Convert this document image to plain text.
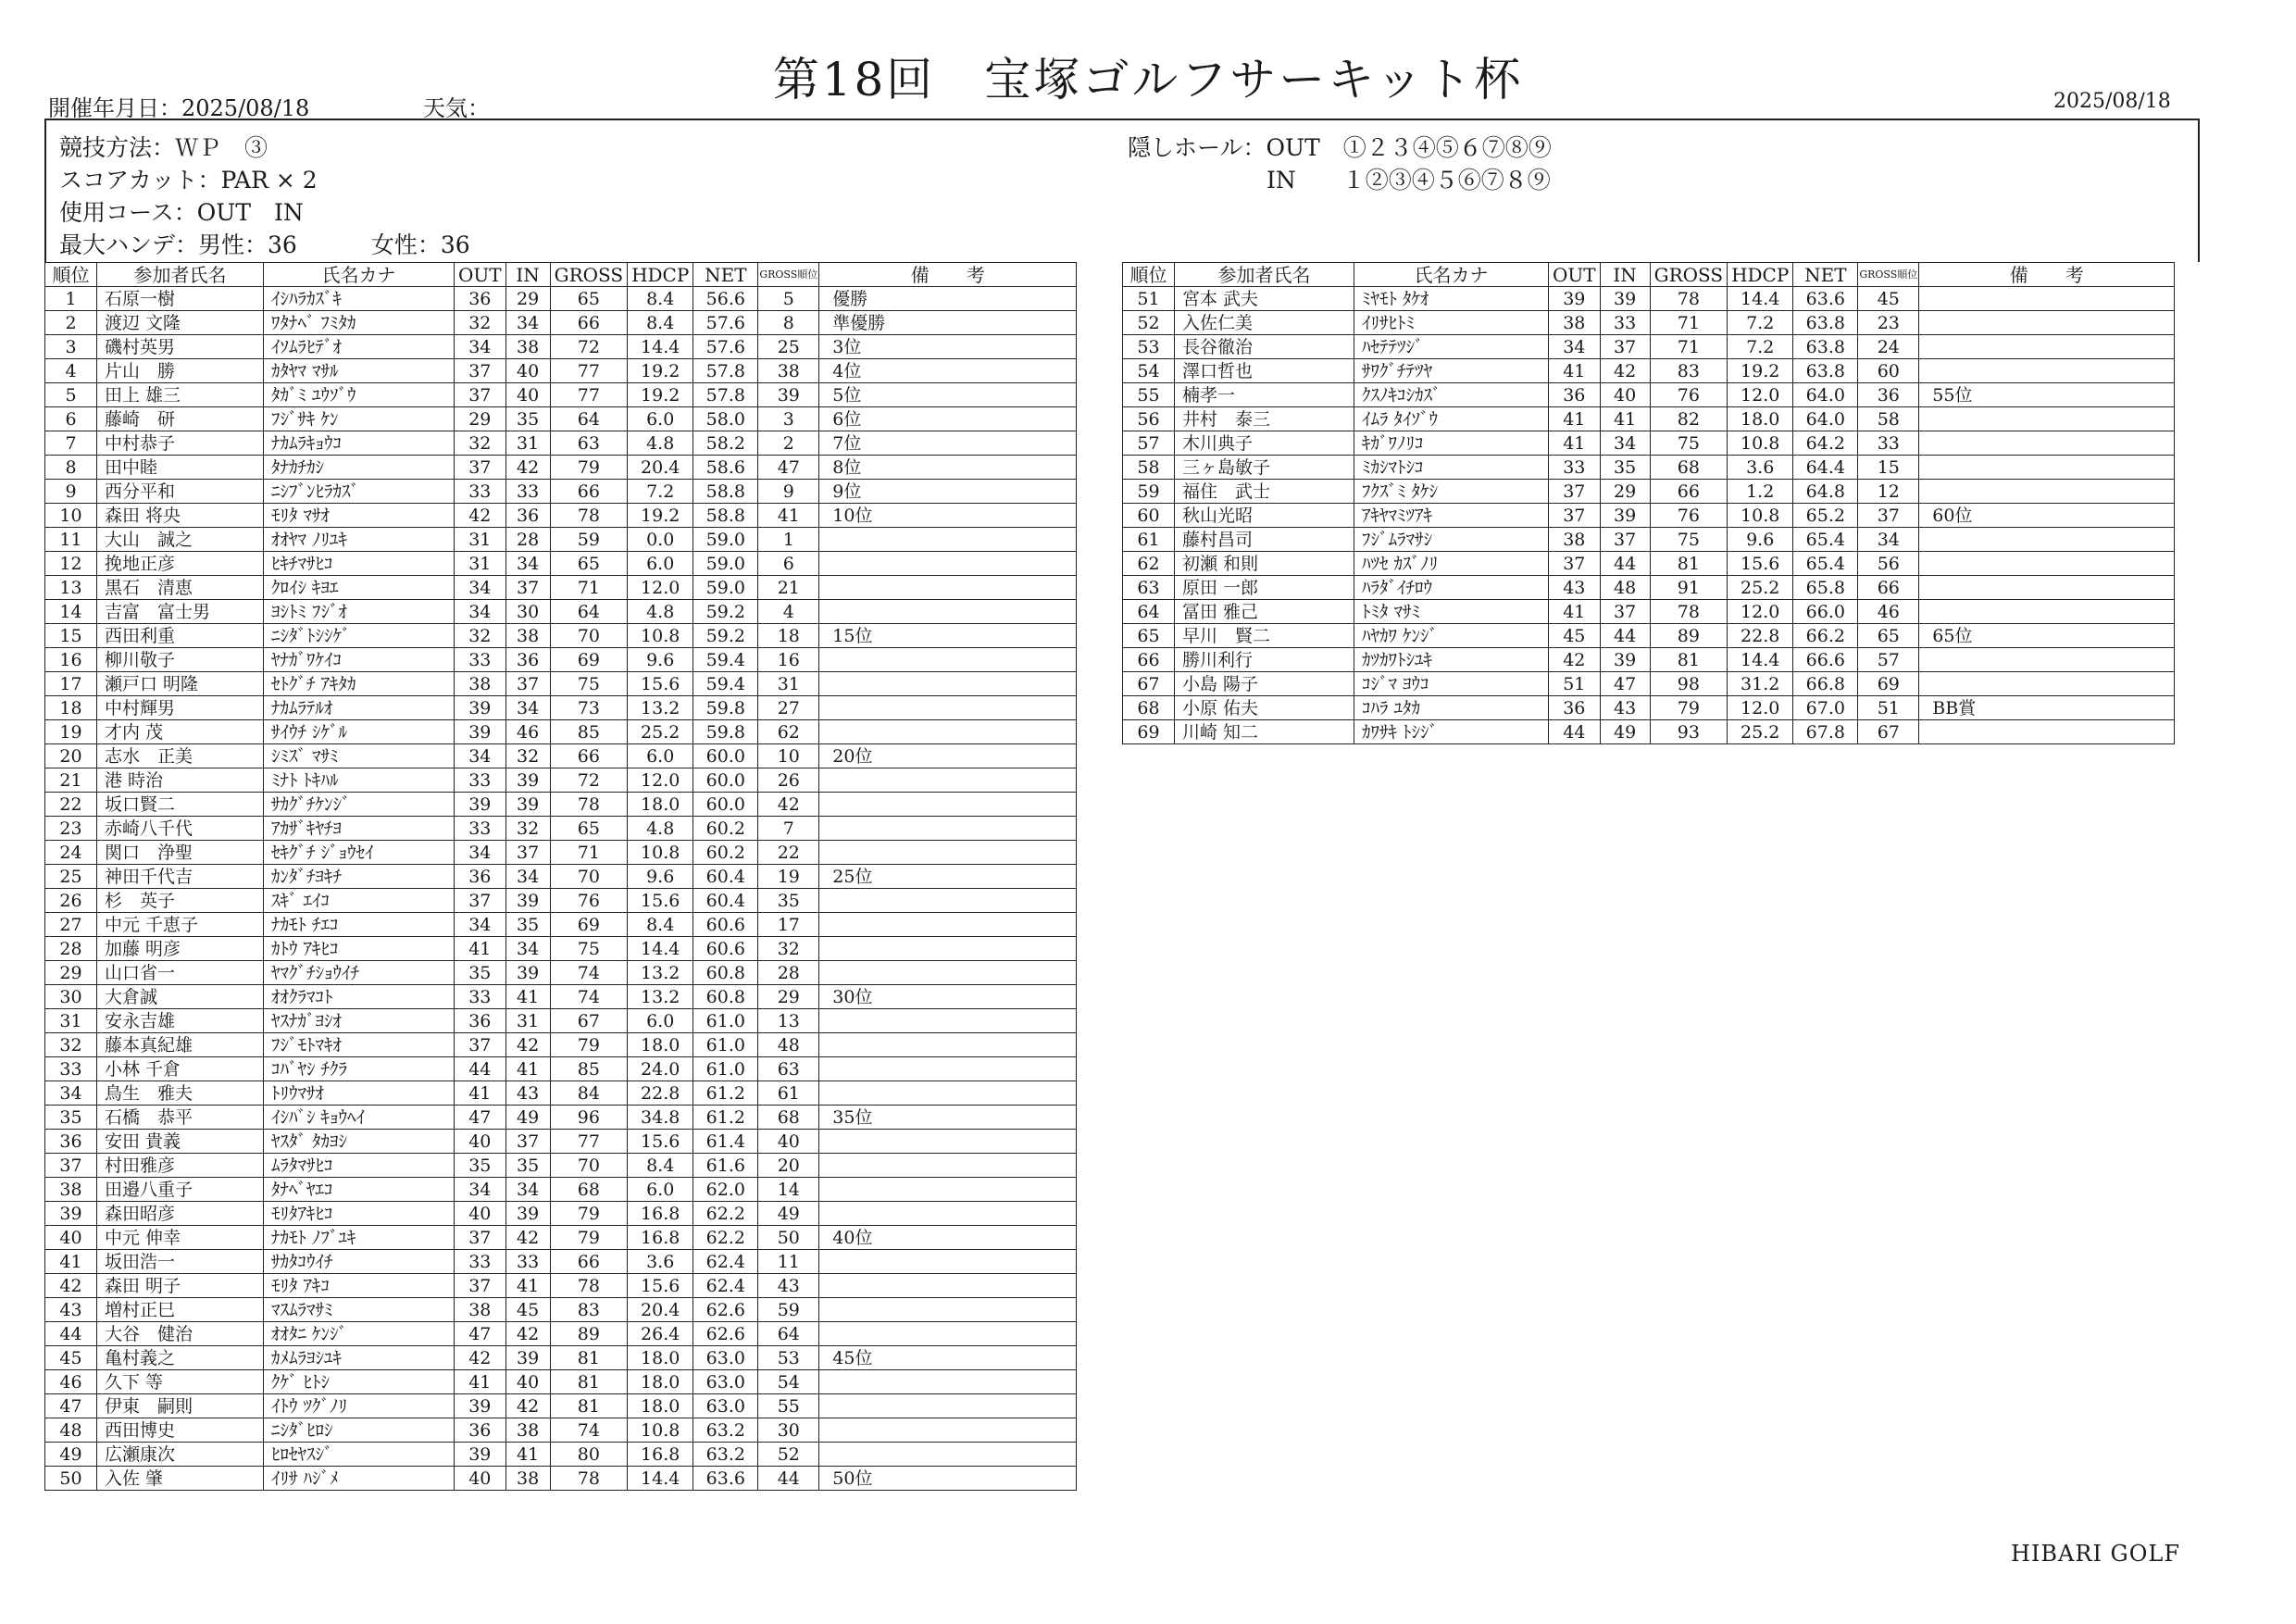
第18回　宝塚ゴルフサーキット杯
開催年月日：2025/08/18	天気：	2025/08/18
競技方法：ＷＰ　③
スコアカット：PAR × 2
使用コース：OUT　IN
最大ハンデ：男性：36	女性：36
隠しホール：OUT　①２３④⑤６⑦⑧⑨
IN　　１②③④５⑥⑦８⑨
順位	参加者氏名	氏名カナ	OUT	IN	GROSS	HDCP	NET	GROSS順位	備　　考
1	石原一樹	ｲｼﾊﾗｶｽﾞｷ	36	29	65	8.4	56.6	5	優勝
2	渡辺 文隆	ﾜﾀﾅﾍﾞ ﾌﾐﾀｶ	32	34	66	8.4	57.6	8	準優勝
3	磯村英男	ｲｿﾑﾗﾋﾃﾞｵ	34	38	72	14.4	57.6	25	3位
4	片山　勝	ｶﾀﾔﾏ ﾏｻﾙ	37	40	77	19.2	57.8	38	4位
5	田上 雄三	ﾀｶﾞﾐ ﾕｳｿﾞｳ	37	40	77	19.2	57.8	39	5位
6	藤崎　研	ﾌｼﾞｻｷ ｹﾝ	29	35	64	6.0	58.0	3	6位
7	中村恭子	ﾅｶﾑﾗｷｮｳｺ	32	31	63	4.8	58.2	2	7位
8	田中睦	ﾀﾅｶﾁｶｼ	37	42	79	20.4	58.6	47	8位
9	西分平和	ﾆｼﾌﾞﾝﾋﾗｶｽﾞ	33	33	66	7.2	58.8	9	9位
10	森田 将央	ﾓﾘﾀ ﾏｻｵ	42	36	78	19.2	58.8	41	10位
11	大山　誠之	ｵｵﾔﾏ ﾉﾘﾕｷ	31	28	59	0.0	59.0	1	
12	挽地正彦	ﾋｷﾁﾏｻﾋｺ	31	34	65	6.0	59.0	6	
13	黒石　清恵	ｸﾛｲｼ ｷﾖｴ	34	37	71	12.0	59.0	21	
14	吉富　富士男	ﾖｼﾄﾐ ﾌｼﾞｵ	34	30	64	4.8	59.2	4	
15	西田利重	ﾆｼﾀﾞﾄｼｼｹﾞ	32	38	70	10.8	59.2	18	15位
16	柳川敬子	ﾔﾅｶﾞﾜｹｲｺ	33	36	69	9.6	59.4	16	
17	瀬戸口 明隆	ｾﾄｸﾞﾁ ｱｷﾀｶ	38	37	75	15.6	59.4	31	
18	中村輝男	ﾅｶﾑﾗﾃﾙｵ	39	34	73	13.2	59.8	27	
19	才内 茂	ｻｲｳﾁ ｼｹﾞﾙ	39	46	85	25.2	59.8	62	
20	志水　正美	ｼﾐｽﾞ ﾏｻﾐ	34	32	66	6.0	60.0	10	20位
21	港 時治	ﾐﾅﾄ ﾄｷﾊﾙ	33	39	72	12.0	60.0	26	
22	坂口賢二	ｻｶｸﾞﾁｹﾝｼﾞ	39	39	78	18.0	60.0	42	
23	赤崎八千代	ｱｶｻﾞｷﾔﾁﾖ	33	32	65	4.8	60.2	7	
24	関口　浄聖	ｾｷｸﾞﾁ ｼﾞｮｳｾｲ	34	37	71	10.8	60.2	22	
25	神田千代吉	ｶﾝﾀﾞﾁﾖｷﾁ	36	34	70	9.6	60.4	19	25位
26	杉　英子	ｽｷﾞ ｴｲｺ	37	39	76	15.6	60.4	35	
27	中元 千恵子	ﾅｶﾓﾄ ﾁｴｺ	34	35	69	8.4	60.6	17	
28	加藤 明彦	ｶﾄｳ ｱｷﾋｺ	41	34	75	14.4	60.6	32	
29	山口省一	ﾔﾏｸﾞﾁｼｮｳｲﾁ	35	39	74	13.2	60.8	28	
30	大倉誠	ｵｵｸﾗﾏｺﾄ	33	41	74	13.2	60.8	29	30位
31	安永吉雄	ﾔｽﾅｶﾞﾖｼｵ	36	31	67	6.0	61.0	13	
32	藤本真紀雄	ﾌｼﾞﾓﾄﾏｷｵ	37	42	79	18.0	61.0	48	
33	小林 千倉	ｺﾊﾞﾔｼ ﾁｸﾗ	44	41	85	24.0	61.0	63	
34	鳥生　雅夫	ﾄﾘｳﾏｻｵ	41	43	84	22.8	61.2	61	
35	石橋　恭平	ｲｼﾊﾞｼ ｷｮｳﾍｲ	47	49	96	34.8	61.2	68	35位
36	安田 貴義	ﾔｽﾀﾞ ﾀｶﾖｼ	40	37	77	15.6	61.4	40	
37	村田雅彦	ﾑﾗﾀﾏｻﾋｺ	35	35	70	8.4	61.6	20	
38	田邉八重子	ﾀﾅﾍﾞﾔｴｺ	34	34	68	6.0	62.0	14	
39	森田昭彦	ﾓﾘﾀｱｷﾋｺ	40	39	79	16.8	62.2	49	
40	中元 伸幸	ﾅｶﾓﾄ ﾉﾌﾞﾕｷ	37	42	79	16.8	62.2	50	40位
41	坂田浩一	ｻｶﾀｺｳｲﾁ	33	33	66	3.6	62.4	11	
42	森田 明子	ﾓﾘﾀ ｱｷｺ	37	41	78	15.6	62.4	43	
43	増村正巳	ﾏｽﾑﾗﾏｻﾐ	38	45	83	20.4	62.6	59	
44	大谷　健治	ｵｵﾀﾆ ｹﾝｼﾞ	47	42	89	26.4	62.6	64	
45	亀村義之	ｶﾒﾑﾗﾖｼﾕｷ	42	39	81	18.0	63.0	53	45位
46	久下 等	ｸｹﾞ ﾋﾄｼ	41	40	81	18.0	63.0	54	
47	伊東　嗣則	ｲﾄｳ ﾂｸﾞﾉﾘ	39	42	81	18.0	63.0	55	
48	西田博史	ﾆｼﾀﾞﾋﾛｼ	36	38	74	10.8	63.2	30	
49	広瀬康次	ﾋﾛｾﾔｽｼﾞ	39	41	80	16.8	63.2	52	
50	入佐 肇	ｲﾘｻ ﾊｼﾞﾒ	40	38	78	14.4	63.6	44	50位
順位	参加者氏名	氏名カナ	OUT	IN	GROSS	HDCP	NET	GROSS順位	備　　考
51	宮本 武夫	ﾐﾔﾓﾄ ﾀｹｵ	39	39	78	14.4	63.6	45	
52	入佐仁美	ｲﾘｻﾋﾄﾐ	38	33	71	7.2	63.8	23	
53	長谷徹治	ﾊｾﾃﾃﾂｼﾞ	34	37	71	7.2	63.8	24	
54	澤口哲也	ｻﾜｸﾞﾁﾃﾂﾔ	41	42	83	19.2	63.8	60	
55	楠孝一	ｸｽﾉｷｺｼｶｽﾞ	36	40	76	12.0	64.0	36	55位
56	井村　泰三	ｲﾑﾗ ﾀｲｿﾞｳ	41	41	82	18.0	64.0	58	
57	木川典子	ｷｶﾞﾜﾉﾘｺ	41	34	75	10.8	64.2	33	
58	三ヶ島敏子	ﾐｶｼﾏﾄｼｺ	33	35	68	3.6	64.4	15	
59	福住　武士	ﾌｸｽﾞﾐ ﾀｹｼ	37	29	66	1.2	64.8	12	
60	秋山光昭	ｱｷﾔﾏﾐﾂｱｷ	37	39	76	10.8	65.2	37	60位
61	藤村昌司	ﾌｼﾞﾑﾗﾏｻｼ	38	37	75	9.6	65.4	34	
62	初瀬 和則	ﾊﾂｾ ｶｽﾞﾉﾘ	37	44	81	15.6	65.4	56	
63	原田 一郎	ﾊﾗﾀﾞｲﾁﾛｳ	43	48	91	25.2	65.8	66	
64	冨田 雅己	ﾄﾐﾀ ﾏｻﾐ	41	37	78	12.0	66.0	46	
65	早川　賢二	ﾊﾔｶﾜ ｹﾝｼﾞ	45	44	89	22.8	66.2	65	65位
66	勝川利行	ｶﾂｶﾜﾄｼﾕｷ	42	39	81	14.4	66.6	57	
67	小島 陽子	ｺｼﾞﾏ ﾖｳｺ	51	47	98	31.2	66.8	69	
68	小原 佑夫	ｺﾊﾗ ﾕﾀｶ	36	43	79	12.0	67.0	51	BB賞
69	川崎 知二	ｶﾜｻｷ ﾄｼｼﾞ	44	49	93	25.2	67.8	67	
HIBARI GOLF
